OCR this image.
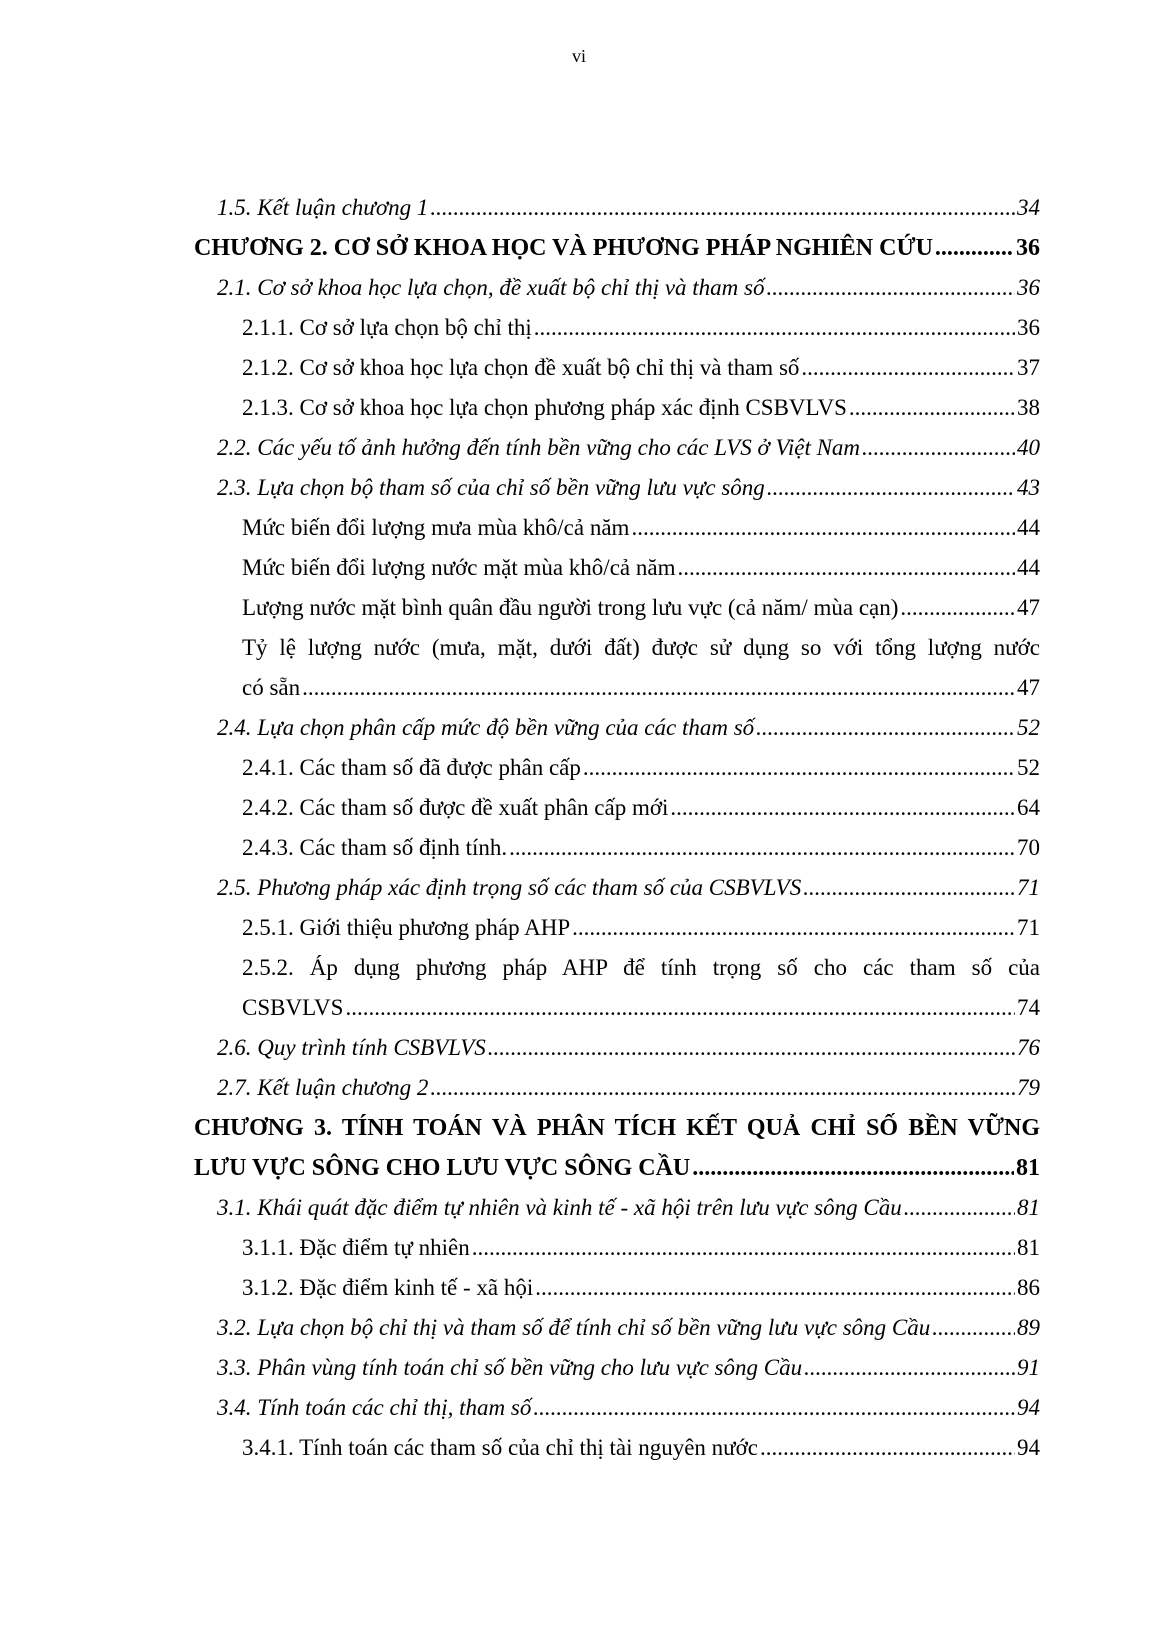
vi
1.5. Kết luận chương 1 .....	34
CHƯƠNG 2. CƠ SỞ KHOA HỌC VÀ PHƯƠNG PHÁP NGHIÊN CỨU .....	36
2.1. Cơ sở khoa học lựa chọn, đề xuất bộ chỉ thị và tham số .....	36
2.1.1. Cơ sở lựa chọn bộ chỉ thị .....	36
2.1.2. Cơ sở khoa học lựa chọn đề xuất bộ chỉ thị và tham số .....	37
2.1.3. Cơ sở khoa học lựa chọn phương pháp xác định CSBVLVS .....	38
2.2. Các yếu tố ảnh hưởng đến tính bền vững cho các LVS ở Việt Nam .....	40
2.3. Lựa chọn bộ tham số của chỉ số bền vững lưu vực sông .....	43
Mức biến đổi lượng mưa mùa khô/cả năm .....	44
Mức biến đổi lượng nước mặt mùa khô/cả năm .....	44
Lượng nước mặt bình quân đầu người trong lưu vực (cả năm/ mùa cạn) .....	47
Tỷ lệ lượng nước (mưa, mặt, dưới đất) được sử dụng so với tổng lượng nước
có sẵn .....	47
2.4. Lựa chọn phân cấp mức độ bền vững của các tham số .....	52
2.4.1. Các tham số đã được phân cấp .....	52
2.4.2. Các tham số được đề xuất phân cấp mới .....	64
2.4.3. Các tham số định tính. .....	70
2.5. Phương pháp xác định trọng số các tham số của CSBVLVS .....	71
2.5.1. Giới thiệu phương pháp AHP .....	71
2.5.2. Áp dụng phương pháp AHP để tính trọng số cho các tham số của
CSBVLVS .....	74
2.6. Quy trình tính CSBVLVS .....	76
2.7. Kết luận chương 2 .....	79
CHƯƠNG 3. TÍNH TOÁN VÀ PHÂN TÍCH KẾT QUẢ CHỈ SỐ BỀN VỮNG
LƯU VỰC SÔNG CHO LƯU VỰC SÔNG CẦU .....	81
3.1. Khái quát đặc điểm tự nhiên và kinh tế - xã hội trên lưu vực sông Cầu .....	81
3.1.1. Đặc điểm tự nhiên .....	81
3.1.2. Đặc điểm kinh tế - xã hội .....	86
3.2. Lựa chọn bộ chỉ thị và tham số để tính chỉ số bền vững lưu vực sông Cầu .....	89
3.3. Phân vùng tính toán chỉ số bền vững cho lưu vực sông Cầu .....	91
3.4. Tính toán các chỉ thị, tham số .....	94
3.4.1. Tính toán các tham số của chỉ thị tài nguyên nước .....	94
